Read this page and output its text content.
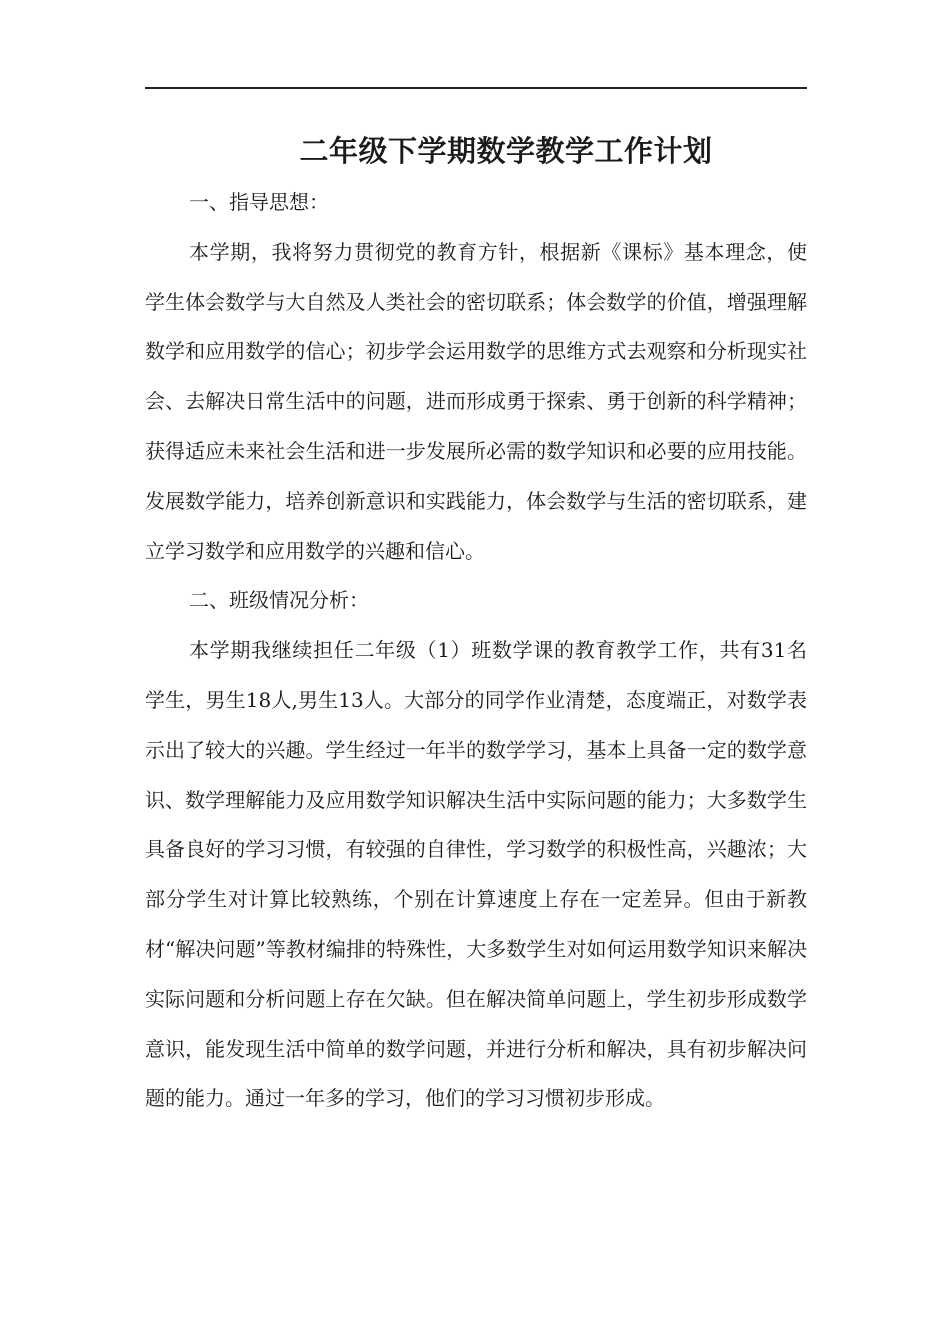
二年级下学期数学教学工作计划

一、指导思想：

本学期，我将努力贯彻党的教育方针，根据新《课标》基本理念，使学生体会数学与大自然及人类社会的密切联系；体会数学的价值，增强理解数学和应用数学的信心；初步学会运用数学的思维方式去观察和分析现实社会、去解决日常生活中的问题，进而形成勇于探索、勇于创新的科学精神；获得适应未来社会生活和进一步发展所必需的数学知识和必要的应用技能。发展数学能力，培养创新意识和实践能力，体会数学与生活的密切联系，建立学习数学和应用数学的兴趣和信心。

二、班级情况分析：

本学期我继续担任二年级（1）班数学课的教育教学工作，共有31名学生，男生18人,男生13人。大部分的同学作业清楚，态度端正，对数学表示出了较大的兴趣。学生经过一年半的数学学习，基本上具备一定的数学意识、数学理解能力及应用数学知识解决生活中实际问题的能力；大多数学生具备良好的学习习惯，有较强的自律性，学习数学的积极性高，兴趣浓；大部分学生对计算比较熟练，个别在计算速度上存在一定差异。但由于新教材“解决问题”等教材编排的特殊性，大多数学生对如何运用数学知识来解决实际问题和分析问题上存在欠缺。但在解决简单问题上，学生初步形成数学意识，能发现生活中简单的数学问题，并进行分析和解决，具有初步解决问题的能力。通过一年多的学习，他们的学习习惯初步形成。
